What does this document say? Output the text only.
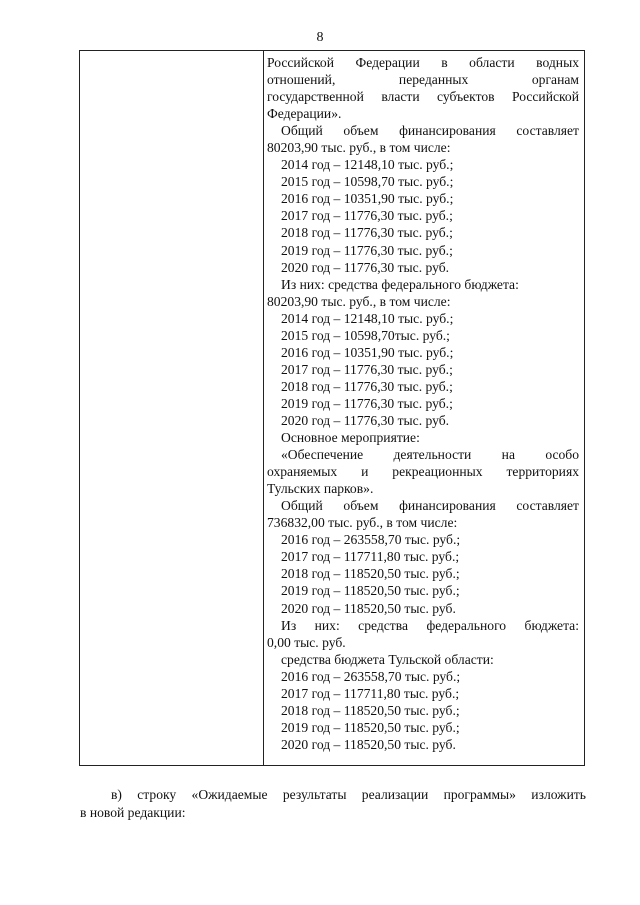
8
Российской Федерации в области водных
отношений, переданных органам
государственной власти субъектов Российской
Федерации».
Общий объем финансирования составляет
80203,90 тыс. руб., в том числе:
2014 год – 12148,10 тыс. руб.;
2015 год – 10598,70 тыс. руб.;
2016 год – 10351,90 тыс. руб.;
2017 год – 11776,30 тыс. руб.;
2018 год – 11776,30 тыс. руб.;
2019 год – 11776,30 тыс. руб.;
2020 год – 11776,30 тыс. руб.
Из них: средства федерального бюджета:
80203,90 тыс. руб., в том числе:
2014 год – 12148,10 тыс. руб.;
2015 год – 10598,70тыс. руб.;
2016 год – 10351,90 тыс. руб.;
2017 год – 11776,30 тыс. руб.;
2018 год – 11776,30 тыс. руб.;
2019 год – 11776,30 тыс. руб.;
2020 год – 11776,30 тыс. руб.
Основное мероприятие:
«Обеспечение деятельности на особо
охраняемых и рекреационных территориях
Тульских парков».
Общий объем финансирования составляет
736832,00 тыс. руб., в том числе:
2016 год – 263558,70 тыс. руб.;
2017 год – 117711,80 тыс. руб.;
2018 год – 118520,50 тыс. руб.;
2019 год – 118520,50 тыс. руб.;
2020 год – 118520,50 тыс. руб.
Из них: средства федерального бюджета:
0,00 тыс. руб.
средства бюджета Тульской области:
2016 год – 263558,70 тыс. руб.;
2017 год – 117711,80 тыс. руб.;
2018 год – 118520,50 тыс. руб.;
2019 год – 118520,50 тыс. руб.;
2020 год – 118520,50 тыс. руб.
в) строку «Ожидаемые результаты реализации программы» изложить
в новой редакции:
